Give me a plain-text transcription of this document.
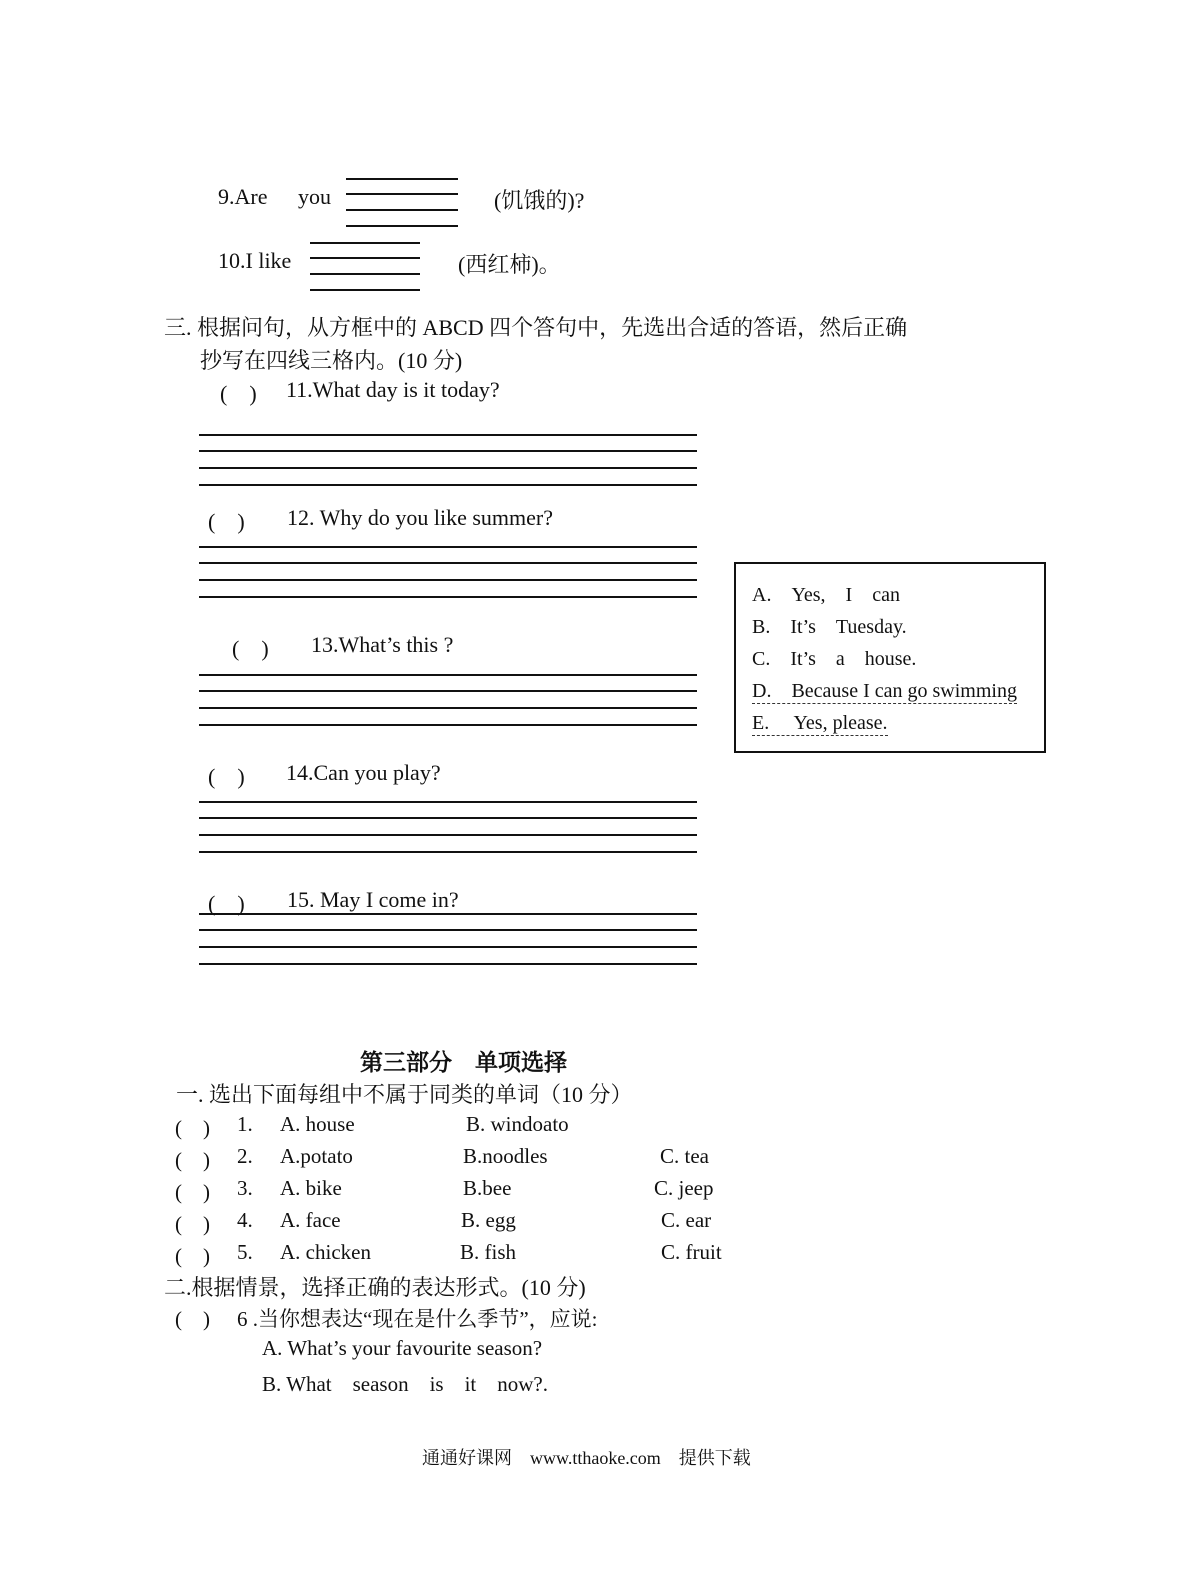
9.Are you	(饥饿的)?
10.I like	(西红柿)。
三. 根据问句，从方框中的 ABCD 四个答句中，先选出合适的答语，然后正确
抄写在四线三格内。(10 分)
(　) 11.What day is it today?
(　) 12. Why do you like summer?
(　) 13.What’s this ?
(　) 14.Can you play?
(　) 15. May I come in?
A.　Yes,　I　can
B.　It’s　Tuesday.
C.　It’s　a　house.
D.　Because I can go swimming
E.　 Yes, please.
第三部分　单项选择
一. 选出下面每组中不属于同类的单词（10 分）
(　) 1. A. house	B. windoato
(　) 2. A.potato	B.noodles	C. tea
(　) 3. A. bike	B.bee	C. jeep
(　) 4. A. face	B. egg	C. ear
(　) 5. A. chicken	B. fish	C. fruit
二.根据情景，选择正确的表达形式。(10 分)
(　) 6 .当你想表达“现在是什么季节”，应说:
A. What’s your favourite season?
B. What　season　is　it　now?.
通通好课网　www.tthaoke.com　提供下载
